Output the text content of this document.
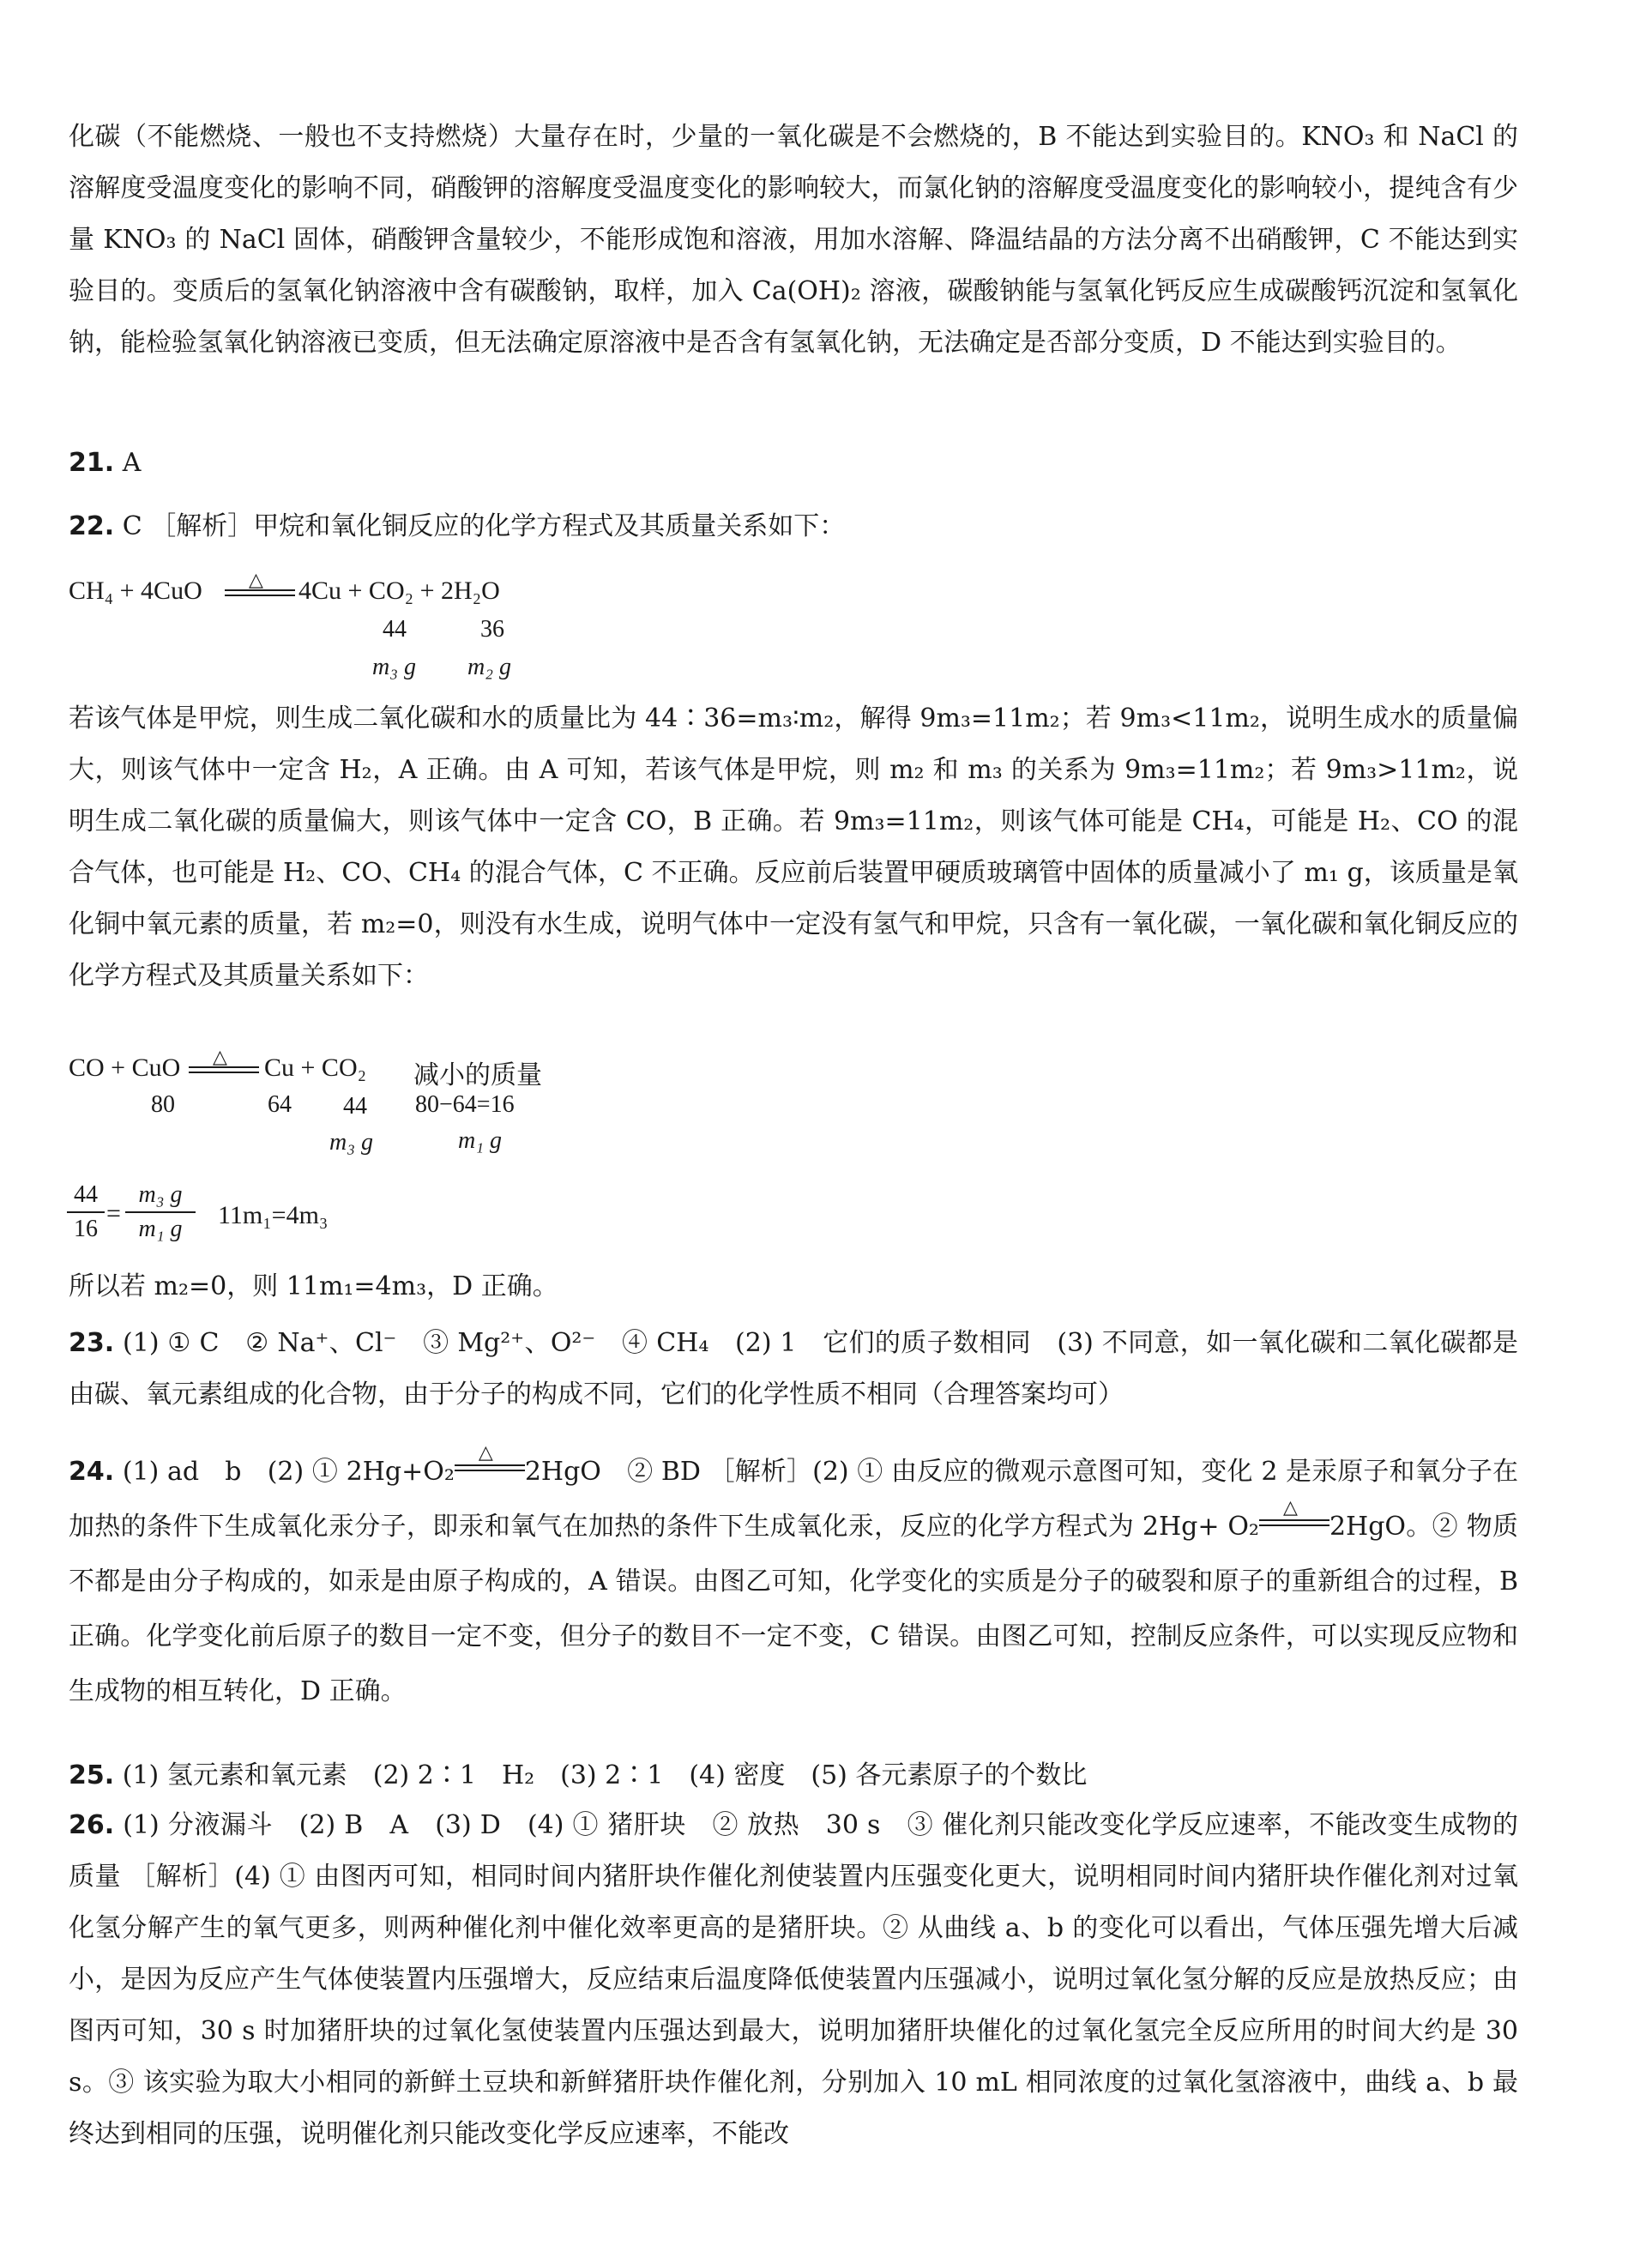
化碳（不能燃烧、一般也不支持燃烧）大量存在时，少量的一氧化碳是不会燃烧的，B 不能达到实验目的。KNO₃ 和 NaCl 的溶解度受温度变化的影响不同，硝酸钾的溶解度受温度变化的影响较大，而氯化钠的溶解度受温度变化的影响较小，提纯含有少量 KNO₃ 的 NaCl 固体，硝酸钾含量较少，不能形成饱和溶液，用加水溶解、降温结晶的方法分离不出硝酸钾，C 不能达到实验目的。变质后的氢氧化钠溶液中含有碳酸钠，取样，加入 Ca(OH)₂ 溶液，碳酸钠能与氢氧化钙反应生成碳酸钙沉淀和氢氧化钠，能检验氢氧化钠溶液已变质，但无法确定原溶液中是否含有氢氧化钠，无法确定是否部分变质，D 不能达到实验目的。
21. A
22. C ［解析］甲烷和氧化铜反应的化学方程式及其质量关系如下：
CH₄ + 4CuO △ 4Cu + CO₂ + 2H₂O
44	36
m₃ g m₂ g
若该气体是甲烷，则生成二氧化碳和水的质量比为 44∶36=m₃∶m₂，解得 9m₃=11m₂；若 9m₃<11m₂，说明生成水的质量偏大，则该气体中一定含 H₂，A 正确。由 A 可知，若该气体是甲烷，则 m₂ 和 m₃ 的关系为 9m₃=11m₂；若 9m₃>11m₂，说明生成二氧化碳的质量偏大，则该气体中一定含 CO，B 正确。若 9m₃=11m₂，则该气体可能是 CH₄，可能是 H₂、CO 的混合气体，也可能是 H₂、CO、CH₄ 的混合气体，C 不正确。反应前后装置甲硬质玻璃管中固体的质量减小了 m₁ g，该质量是氧化铜中氧元素的质量，若 m₂=0，则没有水生成，说明气体中一定没有氢气和甲烷，只含有一氧化碳，一氧化碳和氧化铜反应的化学方程式及其质量关系如下：
CO + CuO △ Cu + CO₂ 减小的质量
80	64 44 80−64=16
m₃ g	m₁ g
$\frac{44}{16} = \frac{\text{m₃ g}}{\text{m₁ g}} 11m_1=4m_3$
所以若 m₂=0，则 11m₁=4m₃，D 正确。
23. (1) ① C　② Na⁺、Cl⁻　③ Mg²⁺、O²⁻　④ CH₄　(2) 1　它们的质子数相同　(3) 不同意，如一氧化碳和二氧化碳都是由碳、氧元素组成的化合物，由于分子的构成不同，它们的化学性质不相同（合理答案均可）
24. (1) ad　b　(2) ① 2Hg+O₂
△
2HgO　② BD ［解析］(2) ① 由反应的微观示意图可知，变化 2 是汞原子和氧分子在加热的条件下生成氧化汞分子，即汞和氧气在加热的条件下生成氧化汞，反应的化学方程式为 2Hg+ O₂
△
2HgO。② 物质不都是由分子构成的，如汞是由原子构成的，A 错误。由图乙可知，化学变化的实质是分子的破裂和原子的重新组合的过程，B 正确。化学变化前后原子的数目一定不变，但分子的数目不一定不变，C 错误。由图乙可知，控制反应条件，可以实现反应物和生成物的相互转化，D 正确。
25. (1) 氢元素和氧元素　(2) 2∶1　H₂　(3) 2∶1　(4) 密度　(5) 各元素原子的个数比
26. (1) 分液漏斗　(2) B　A　(3) D　(4) ① 猪肝块　② 放热　30 s　③ 催化剂只能改变化学反应速率，不能改变生成物的质量 ［解析］(4) ① 由图丙可知，相同时间内猪肝块作催化剂使装置内压强变化更大，说明相同时间内猪肝块作催化剂对过氧化氢分解产生的氧气更多，则两种催化剂中催化效率更高的是猪肝块。② 从曲线 a、b 的变化可以看出，气体压强先增大后减小，是因为反应产生气体使装置内压强增大，反应结束后温度降低使装置内压强减小，说明过氧化氢分解的反应是放热反应；由图丙可知，30 s 时加猪肝块的过氧化氢使装置内压强达到最大，说明加猪肝块催化的过氧化氢完全反应所用的时间大约是 30 s。③ 该实验为取大小相同的新鲜土豆块和新鲜猪肝块作催化剂，分别加入 10 mL 相同浓度的过氧化氢溶液中，曲线 a、b 最终达到相同的压强，说明催化剂只能改变化学反应速率，不能改
